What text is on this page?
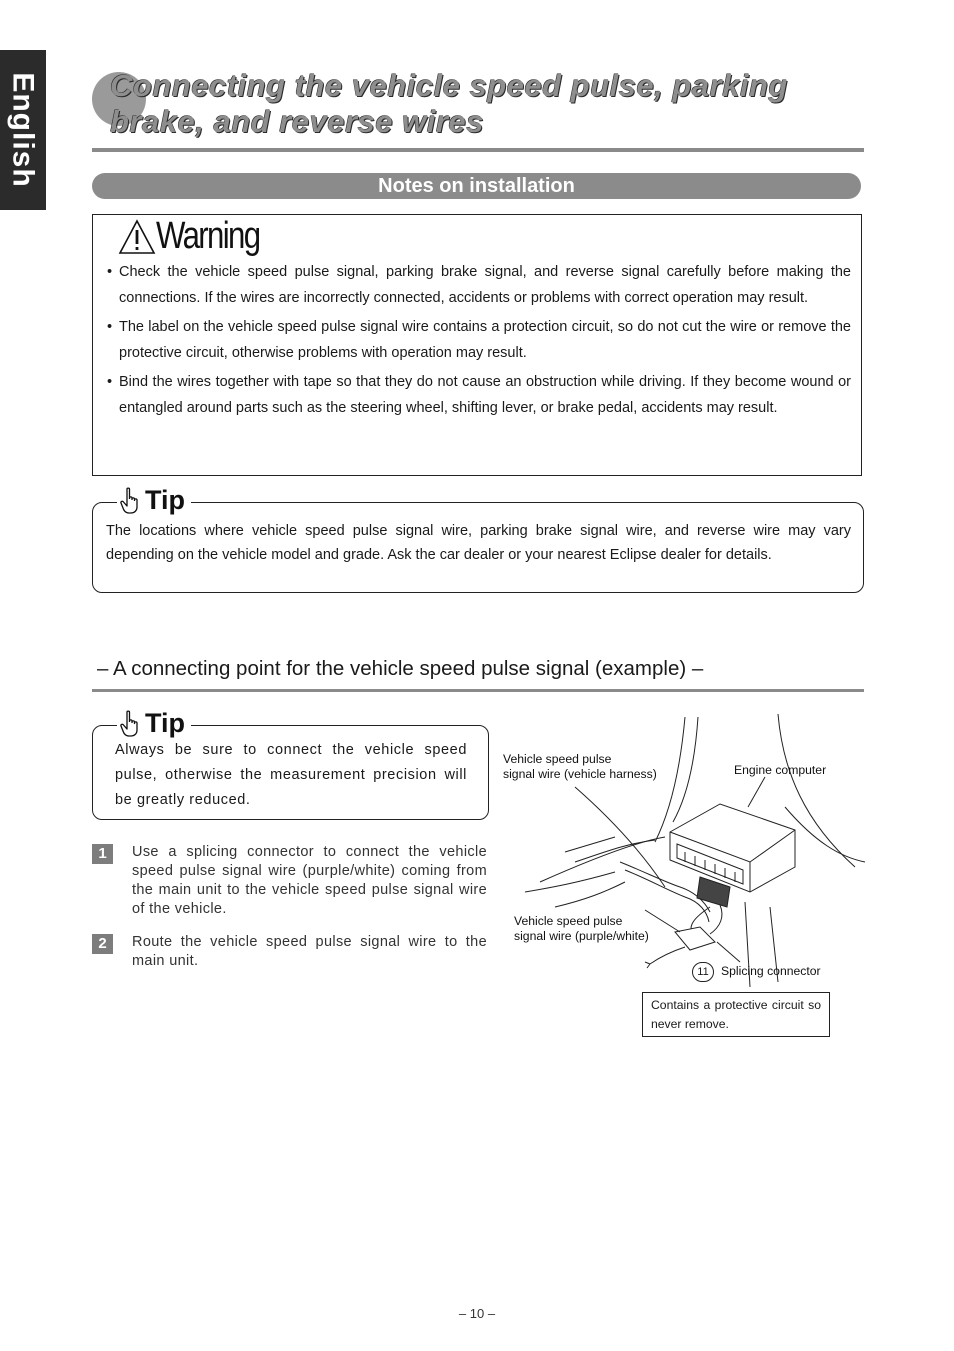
English Connecting the vehicle speed pulse, parking brake, and reverse wires
Notes on installation
Warning
• Check the vehicle speed pulse signal, parking brake signal, and reverse signal carefully before making the connections. If the wires are incorrectly connected, accidents or problems with correct operation may result.
• The label on the vehicle speed pulse signal wire contains a protection circuit, so do not cut the wire or remove the protective circuit, otherwise problems with operation may result.
• Bind the wires together with tape so that they do not cause an obstruction while driving. If they become wound or entangled around parts such as the steering wheel, shifting lever, or brake pedal, accidents may result.
Tip

The locations where vehicle speed pulse signal wire, parking brake signal wire, and reverse wire may vary depending on the vehicle model and grade. Ask the car dealer or your nearest Eclipse dealer for details.

– A connecting point for the vehicle speed pulse signal (example) –
Tip

Always be sure to connect the vehicle speed pulse, otherwise the measurement precision will be greatly reduced.

1	Use a splicing connector to connect the vehicle speed pulse signal wire (purple/white) coming from the main unit to the vehicle speed pulse signal wire of the vehicle.

2	Route the vehicle speed pulse signal wire to the main unit.

Vehicle speed pulse
signal wire (vehicle harness)	Engine computer
Vehicle speed pulse
signal wire (purple/white)
11	Splicing connector
Contains a protective circuit so never remove.
– 10 –
